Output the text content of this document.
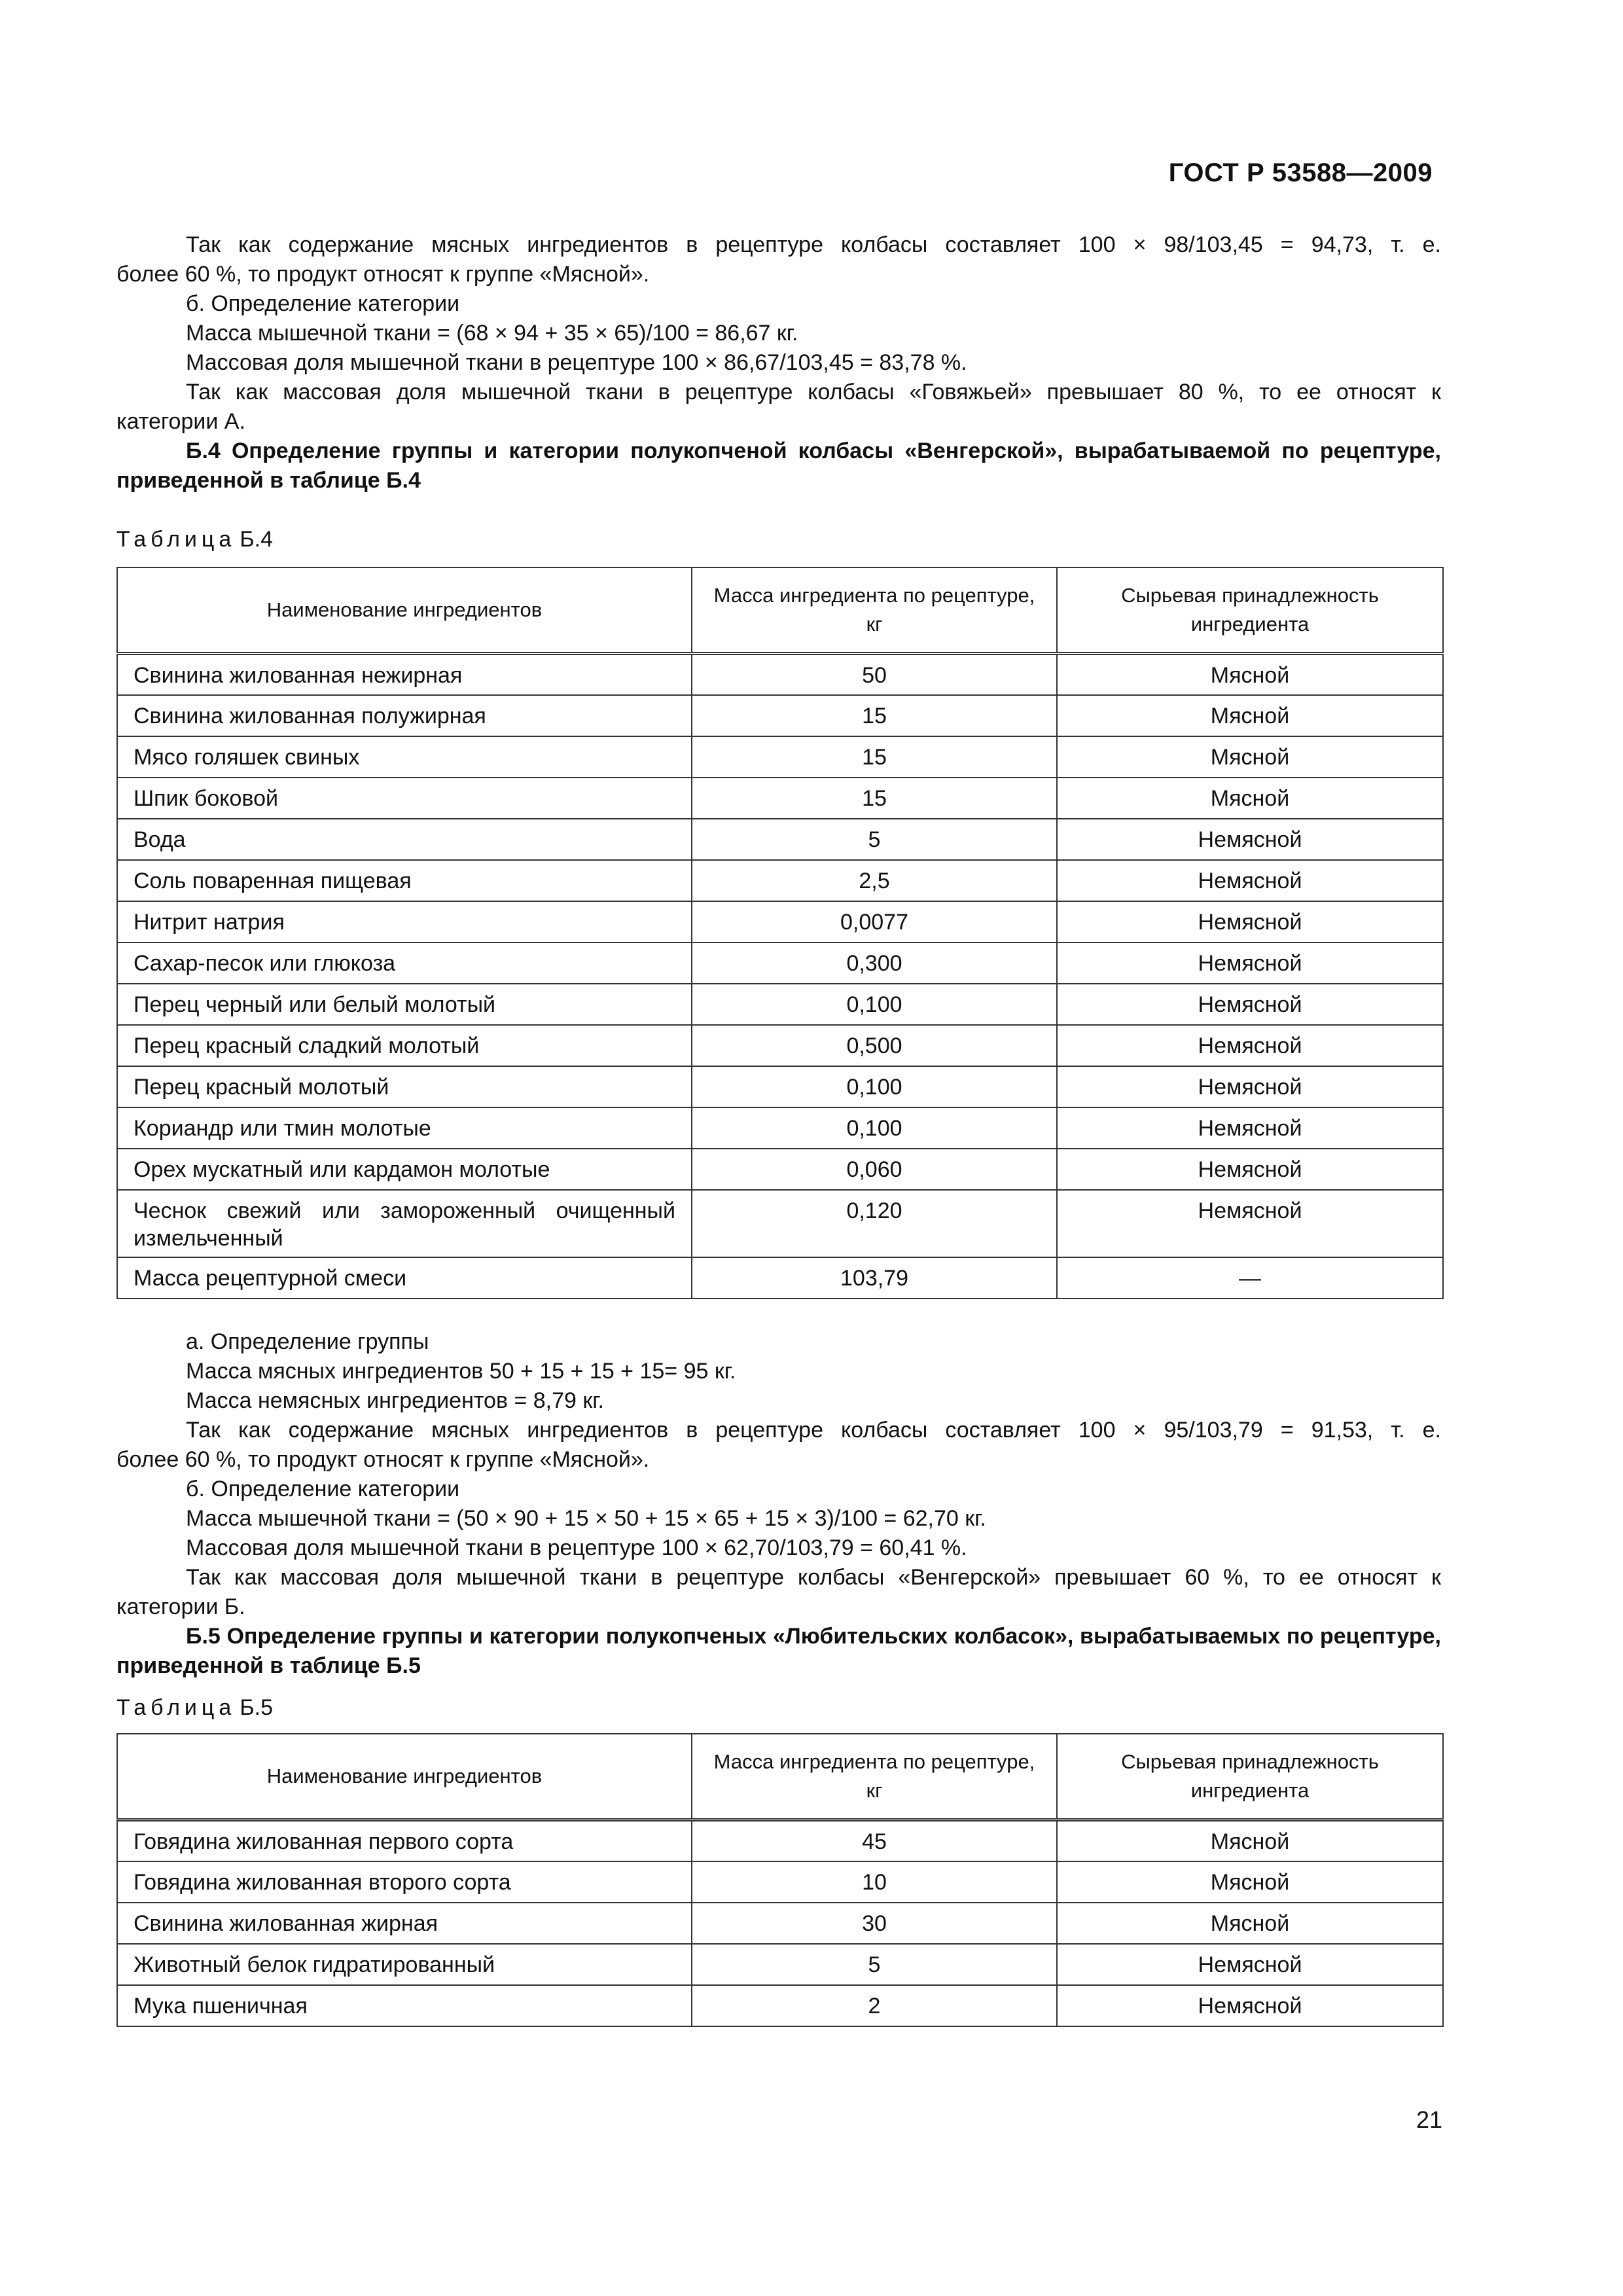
ГОСТ Р 53588—2009
Так как содержание мясных ингредиентов в рецептуре колбасы составляет 100 × 98/103,45 = 94,73, т. е.
более 60 %, то продукт относят к группе «Мясной».
б. Определение категории
Масса мышечной ткани = (68 × 94 + 35 × 65)/100 = 86,67 кг.
Массовая доля мышечной ткани в рецептуре 100 × 86,67/103,45 = 83,78 %.
Так как массовая доля мышечной ткани в рецептуре колбасы «Говяжьей» превышает 80 %, то ее относят к
категории А.
Б.4 Определение группы и категории полукопченой колбасы «Венгерской», вырабатываемой по рецептуре, приведенной в таблице Б.4
Таблица Б.4
Наименование ингредиентов	Масса ингредиента по рецептуре, кг	Сырьевая принадлежность ингредиента
Свинина жилованная нежирная	50	Мясной
Свинина жилованная полужирная	15	Мясной
Мясо голяшек свиных	15	Мясной
Шпик боковой	15	Мясной
Вода	5	Немясной
Соль поваренная пищевая	2,5	Немясной
Нитрит натрия	0,0077	Немясной
Сахар-песок или глюкоза	0,300	Немясной
Перец черный или белый молотый	0,100	Немясной
Перец красный сладкий молотый	0,500	Немясной
Перец красный молотый	0,100	Немясной
Кориандр или тмин молотые	0,100	Немясной
Орех мускатный или кардамон молотые	0,060	Немясной
Чеснок свежий или замороженный очищенный измельченный	0,120	Немясной
Масса рецептурной смеси	103,79	—
а. Определение группы
Масса мясных ингредиентов 50 + 15 + 15 + 15= 95 кг.
Масса немясных ингредиентов = 8,79 кг.
Так как содержание мясных ингредиентов в рецептуре колбасы составляет 100 × 95/103,79 = 91,53, т. е.
более 60 %, то продукт относят к группе «Мясной».
б. Определение категории
Масса мышечной ткани = (50 × 90 + 15 × 50 + 15 × 65 + 15 × 3)/100 = 62,70 кг.
Массовая доля мышечной ткани в рецептуре 100 × 62,70/103,79 = 60,41 %.
Так как массовая доля мышечной ткани в рецептуре колбасы «Венгерской» превышает 60 %, то ее относят к
категории Б.
Б.5 Определение группы и категории полукопченых «Любительских колбасок», вырабатываемых по рецептуре, приведенной в таблице Б.5
Таблица Б.5
Наименование ингредиентов	Масса ингредиента по рецептуре, кг	Сырьевая принадлежность ингредиента
Говядина жилованная первого сорта	45	Мясной
Говядина жилованная второго сорта	10	Мясной
Свинина жилованная жирная	30	Мясной
Животный белок гидратированный	5	Немясной
Мука пшеничная	2	Немясной
21
